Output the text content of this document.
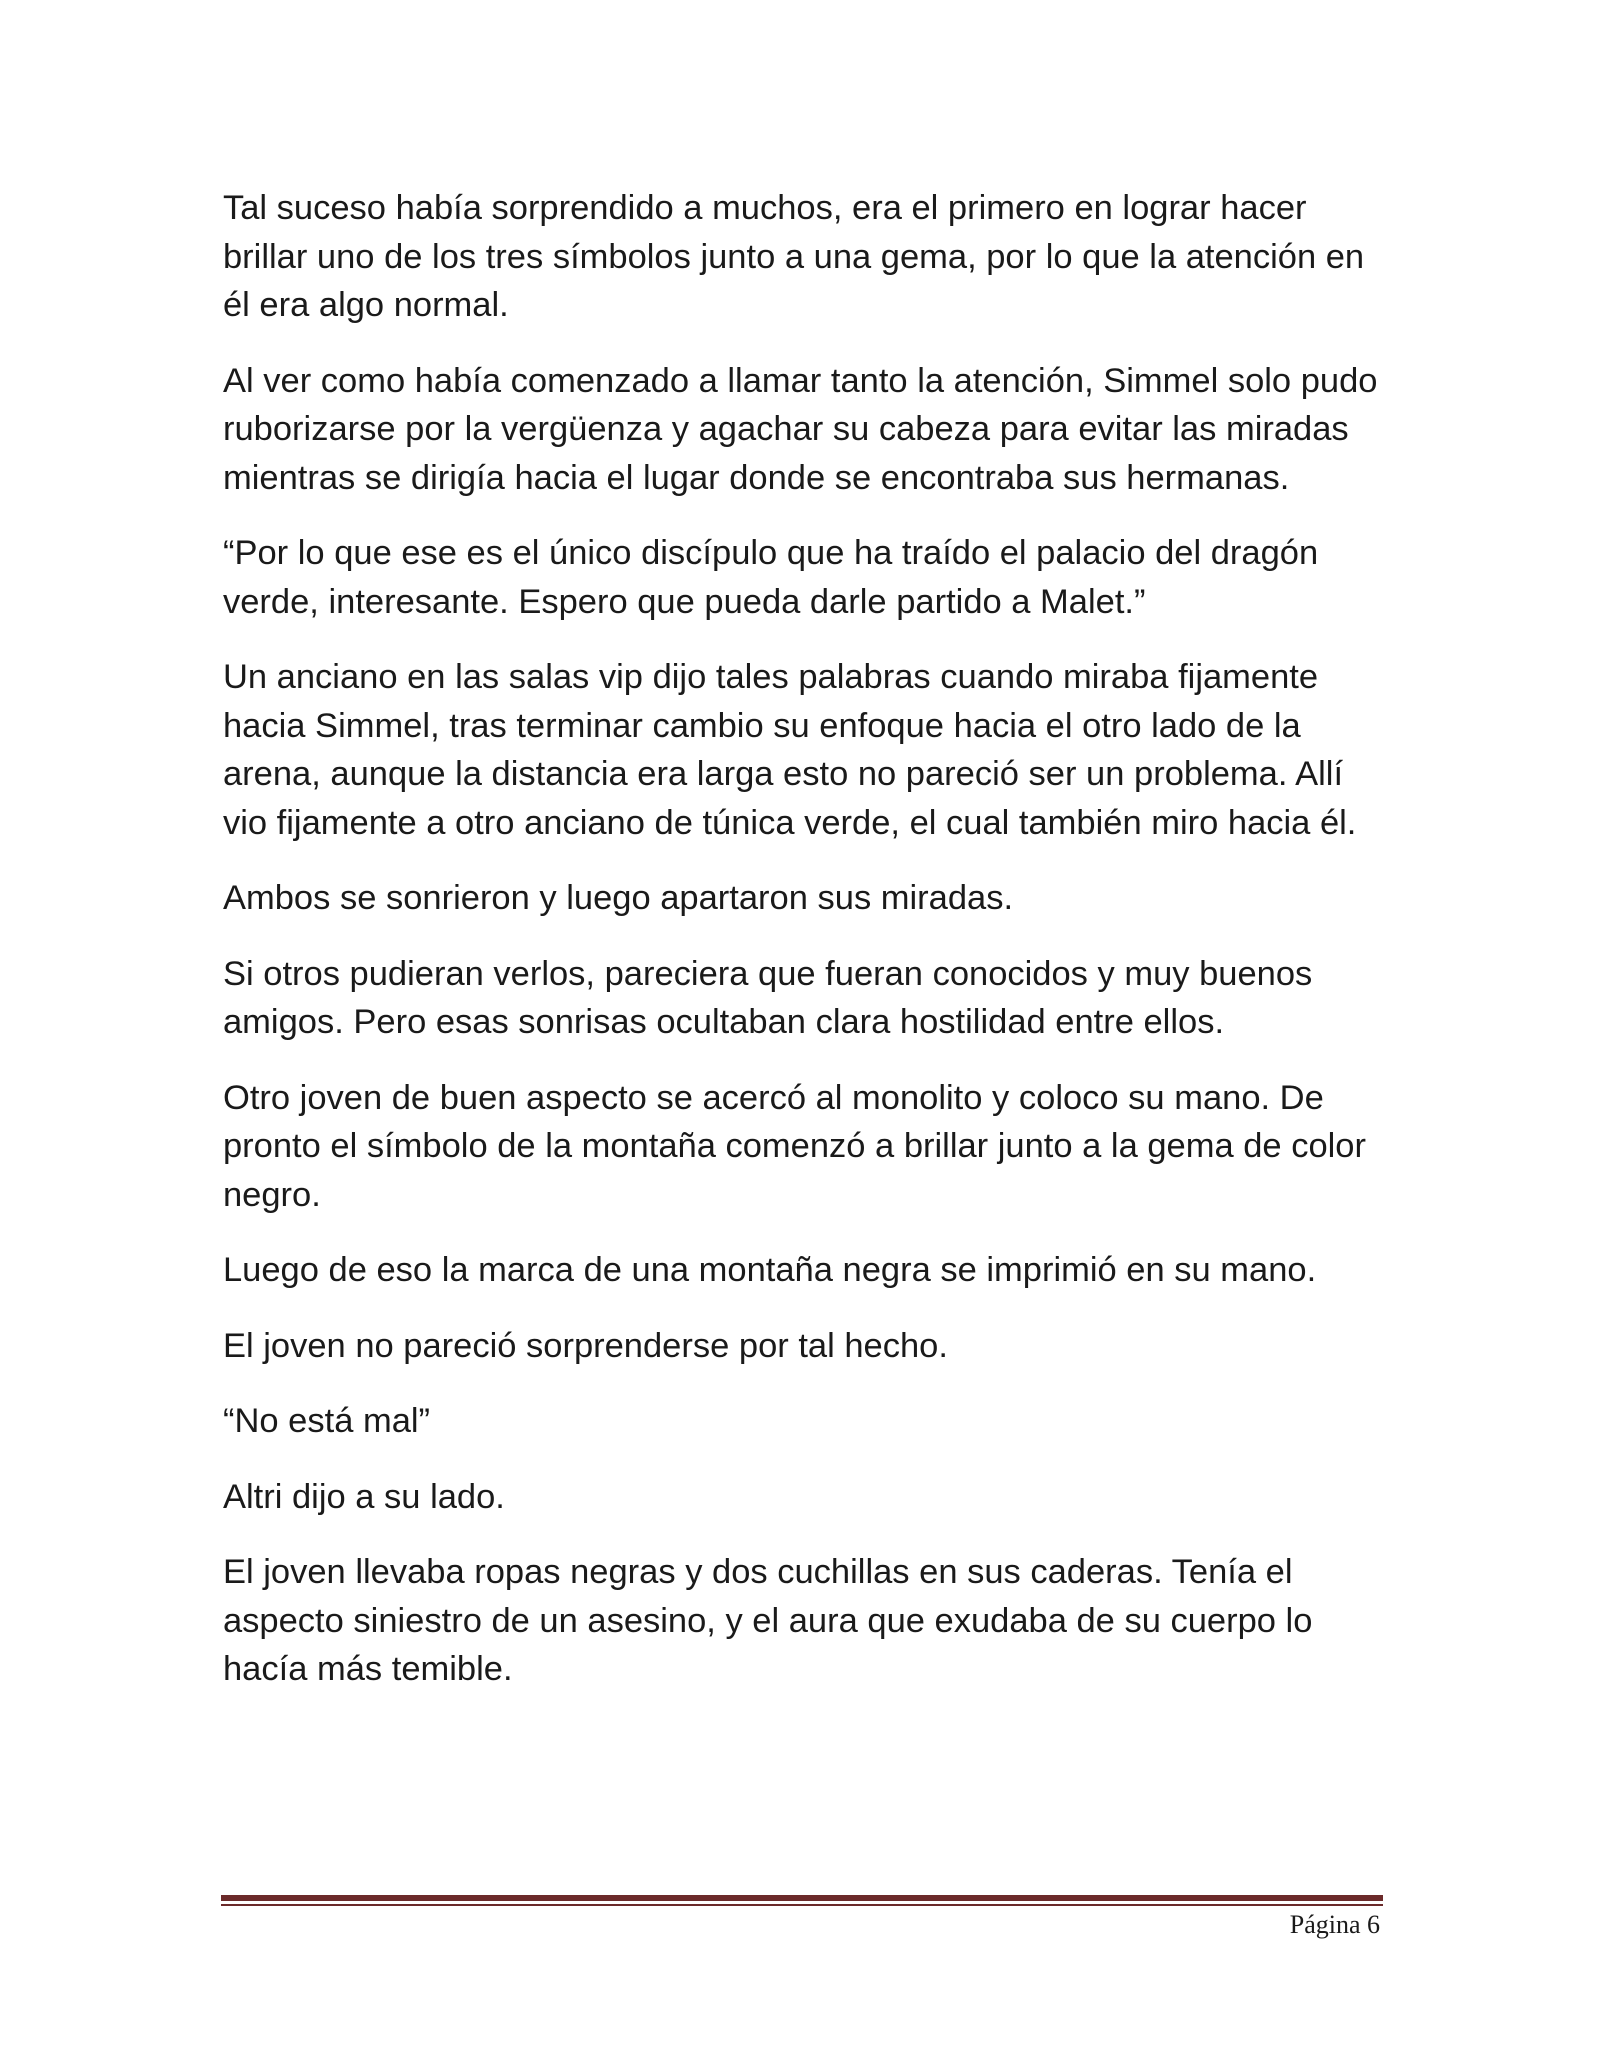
Tal suceso había sorprendido a muchos, era el primero en lograr hacer brillar uno de los tres símbolos junto a una gema, por lo que la atención en él era algo normal.

Al ver como había comenzado a llamar tanto la atención, Simmel solo pudo ruborizarse por la vergüenza y agachar su cabeza para evitar las miradas mientras se dirigía hacia el lugar donde se encontraba sus hermanas.

“Por lo que ese es el único discípulo que ha traído el palacio del dragón verde, interesante. Espero que pueda darle partido a Malet.”

Un anciano en las salas vip dijo tales palabras cuando miraba fijamente hacia Simmel, tras terminar cambio su enfoque hacia el otro lado de la arena, aunque la distancia era larga esto no pareció ser un problema. Allí vio fijamente a otro anciano de túnica verde, el cual también miro hacia él.

Ambos se sonrieron y luego apartaron sus miradas.

Si otros pudieran verlos, pareciera que fueran conocidos y muy buenos amigos. Pero esas sonrisas ocultaban clara hostilidad entre ellos.

Otro joven de buen aspecto se acercó al monolito y coloco su mano. De pronto el símbolo de la montaña comenzó a brillar junto a la gema de color negro.

Luego de eso la marca de una montaña negra se imprimió en su mano.

El joven no pareció sorprenderse por tal hecho.

“No está mal”

Altri dijo a su lado.

El joven llevaba ropas negras y dos cuchillas en sus caderas. Tenía el aspecto siniestro de un asesino, y el aura que exudaba de su cuerpo lo hacía más temible.

Página 6
